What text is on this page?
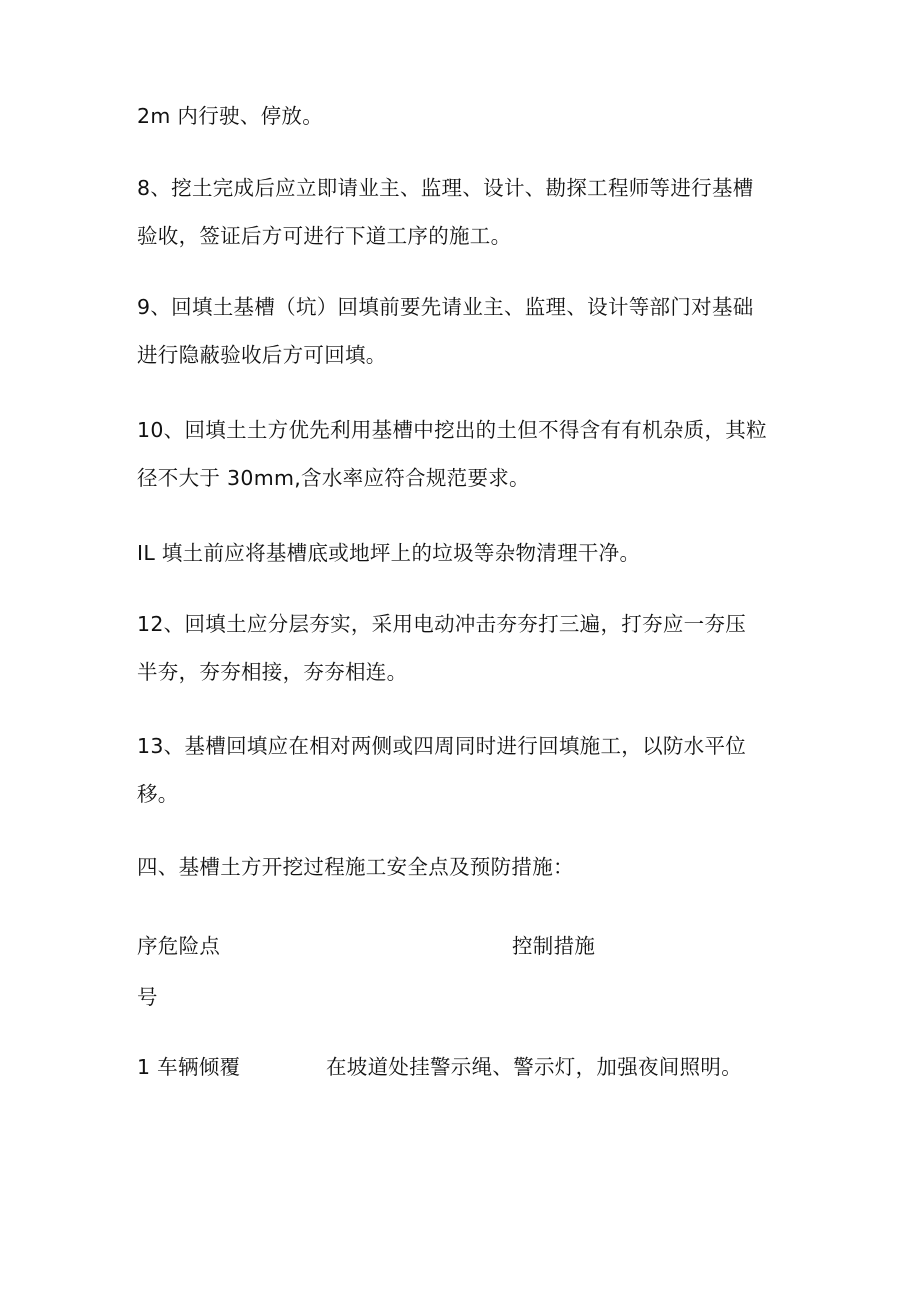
2m 内行驶、停放。
8、挖土完成后应立即请业主、监理、设计、勘探工程师等进行基槽
验收，签证后方可进行下道工序的施工。
9、回填土基槽（坑）回填前要先请业主、监理、设计等部门对基础
进行隐蔽验收后方可回填。
10、回填土土方优先利用基槽中挖出的土但不得含有有机杂质，其粒
径不大于 30mm,含水率应符合规范要求。
IL 填土前应将基槽底或地坪上的垃圾等杂物清理干净。
12、回填土应分层夯实，采用电动冲击夯夯打三遍，打夯应一夯压
半夯，夯夯相接，夯夯相连。
13、基槽回填应在相对两侧或四周同时进行回填施工，以防水平位
移。
四、基槽土方开挖过程施工安全点及预防措施：
序危险点	控制措施
号
1 车辆倾覆	在坡道处挂警示绳、警示灯，加强夜间照明。
